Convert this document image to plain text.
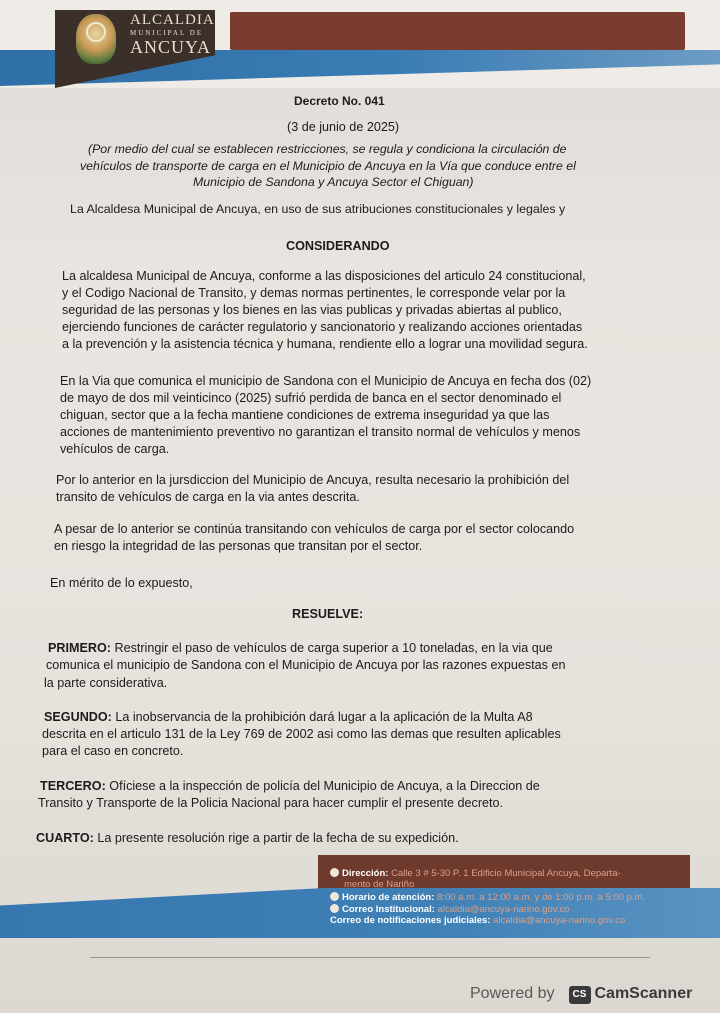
ALCALDIA
MUNICIPAL DE
ANCUYA
Decreto No. 041
(3 de junio de 2025)
(Por medio del cual se establecen restricciones, se regula y condiciona la circulación de
vehículos de transporte de carga en el Municipio de Ancuya en la Vía que conduce entre el
Municipio de Sandona y Ancuya Sector el Chiguan)
La Alcaldesa Municipal de Ancuya, en uso de sus atribuciones constitucionales y legales y
CONSIDERANDO
La alcaldesa Municipal de Ancuya, conforme a las disposiciones del articulo 24 constitucional,
y el Codigo Nacional de Transito, y demas normas pertinentes, le corresponde velar por la
seguridad de las personas y los bienes en las vias publicas y privadas abiertas al publico,
ejerciendo funciones de carácter regulatorio y sancionatorio y realizando acciones orientadas
a la prevención y la asistencia técnica y humana, rendiente ello a lograr una movilidad segura.
En la Via que comunica el municipio de Sandona con el Municipio de Ancuya en fecha dos (02)
de mayo de dos mil veinticinco (2025) sufrió perdida de banca en el sector denominado el
chiguan, sector que a la fecha mantiene condiciones de extrema inseguridad ya que las
acciones de mantenimiento preventivo no garantizan el transito normal de vehículos y menos
vehículos de carga.
Por lo anterior en la jursdiccion del Municipio de Ancuya, resulta necesario la prohibición del
transito de vehículos de carga en la via antes descrita.
A pesar de lo anterior se continúa transitando con vehículos de carga por el sector colocando
en riesgo la integridad de las personas que transitan por el sector.
En mérito de lo expuesto,
RESUELVE:
PRIMERO: Restringir el paso de vehículos de carga superior a 10 toneladas, en la via que
comunica el municipio de Sandona con el Municipio de Ancuya por las razones expuestas en
la parte considerativa.
SEGUNDO: La inobservancia de la prohibición dará lugar a la aplicación de la Multa A8
descrita en el articulo 131 de la Ley 769 de 2002 asi como las demas que resulten aplicables
para el caso en concreto.
TERCERO: Ofíciese a la inspección de policía del Municipio de Ancuya, a la Direccion de
Transito y Transporte de la Policia Nacional para hacer cumplir el presente decreto.
CUARTO: La presente resolución rige a partir de la fecha de su expedición.
Dirección: Calle 3 # 5-30 P. 1 Edificio Municipal Ancuya, Departa-
mento de Nariño
Horario de atención: 8:00 a.m. a 12:00 a.m. y de 1:00 p.m. a 5:00 p.m.
Correo Institucional: alcaldia@ancuya-narino.gov.co
Correo de notificaciones judiciales: alcaldia@ancuya-narino.gov.co
Powered by CS CamScanner
